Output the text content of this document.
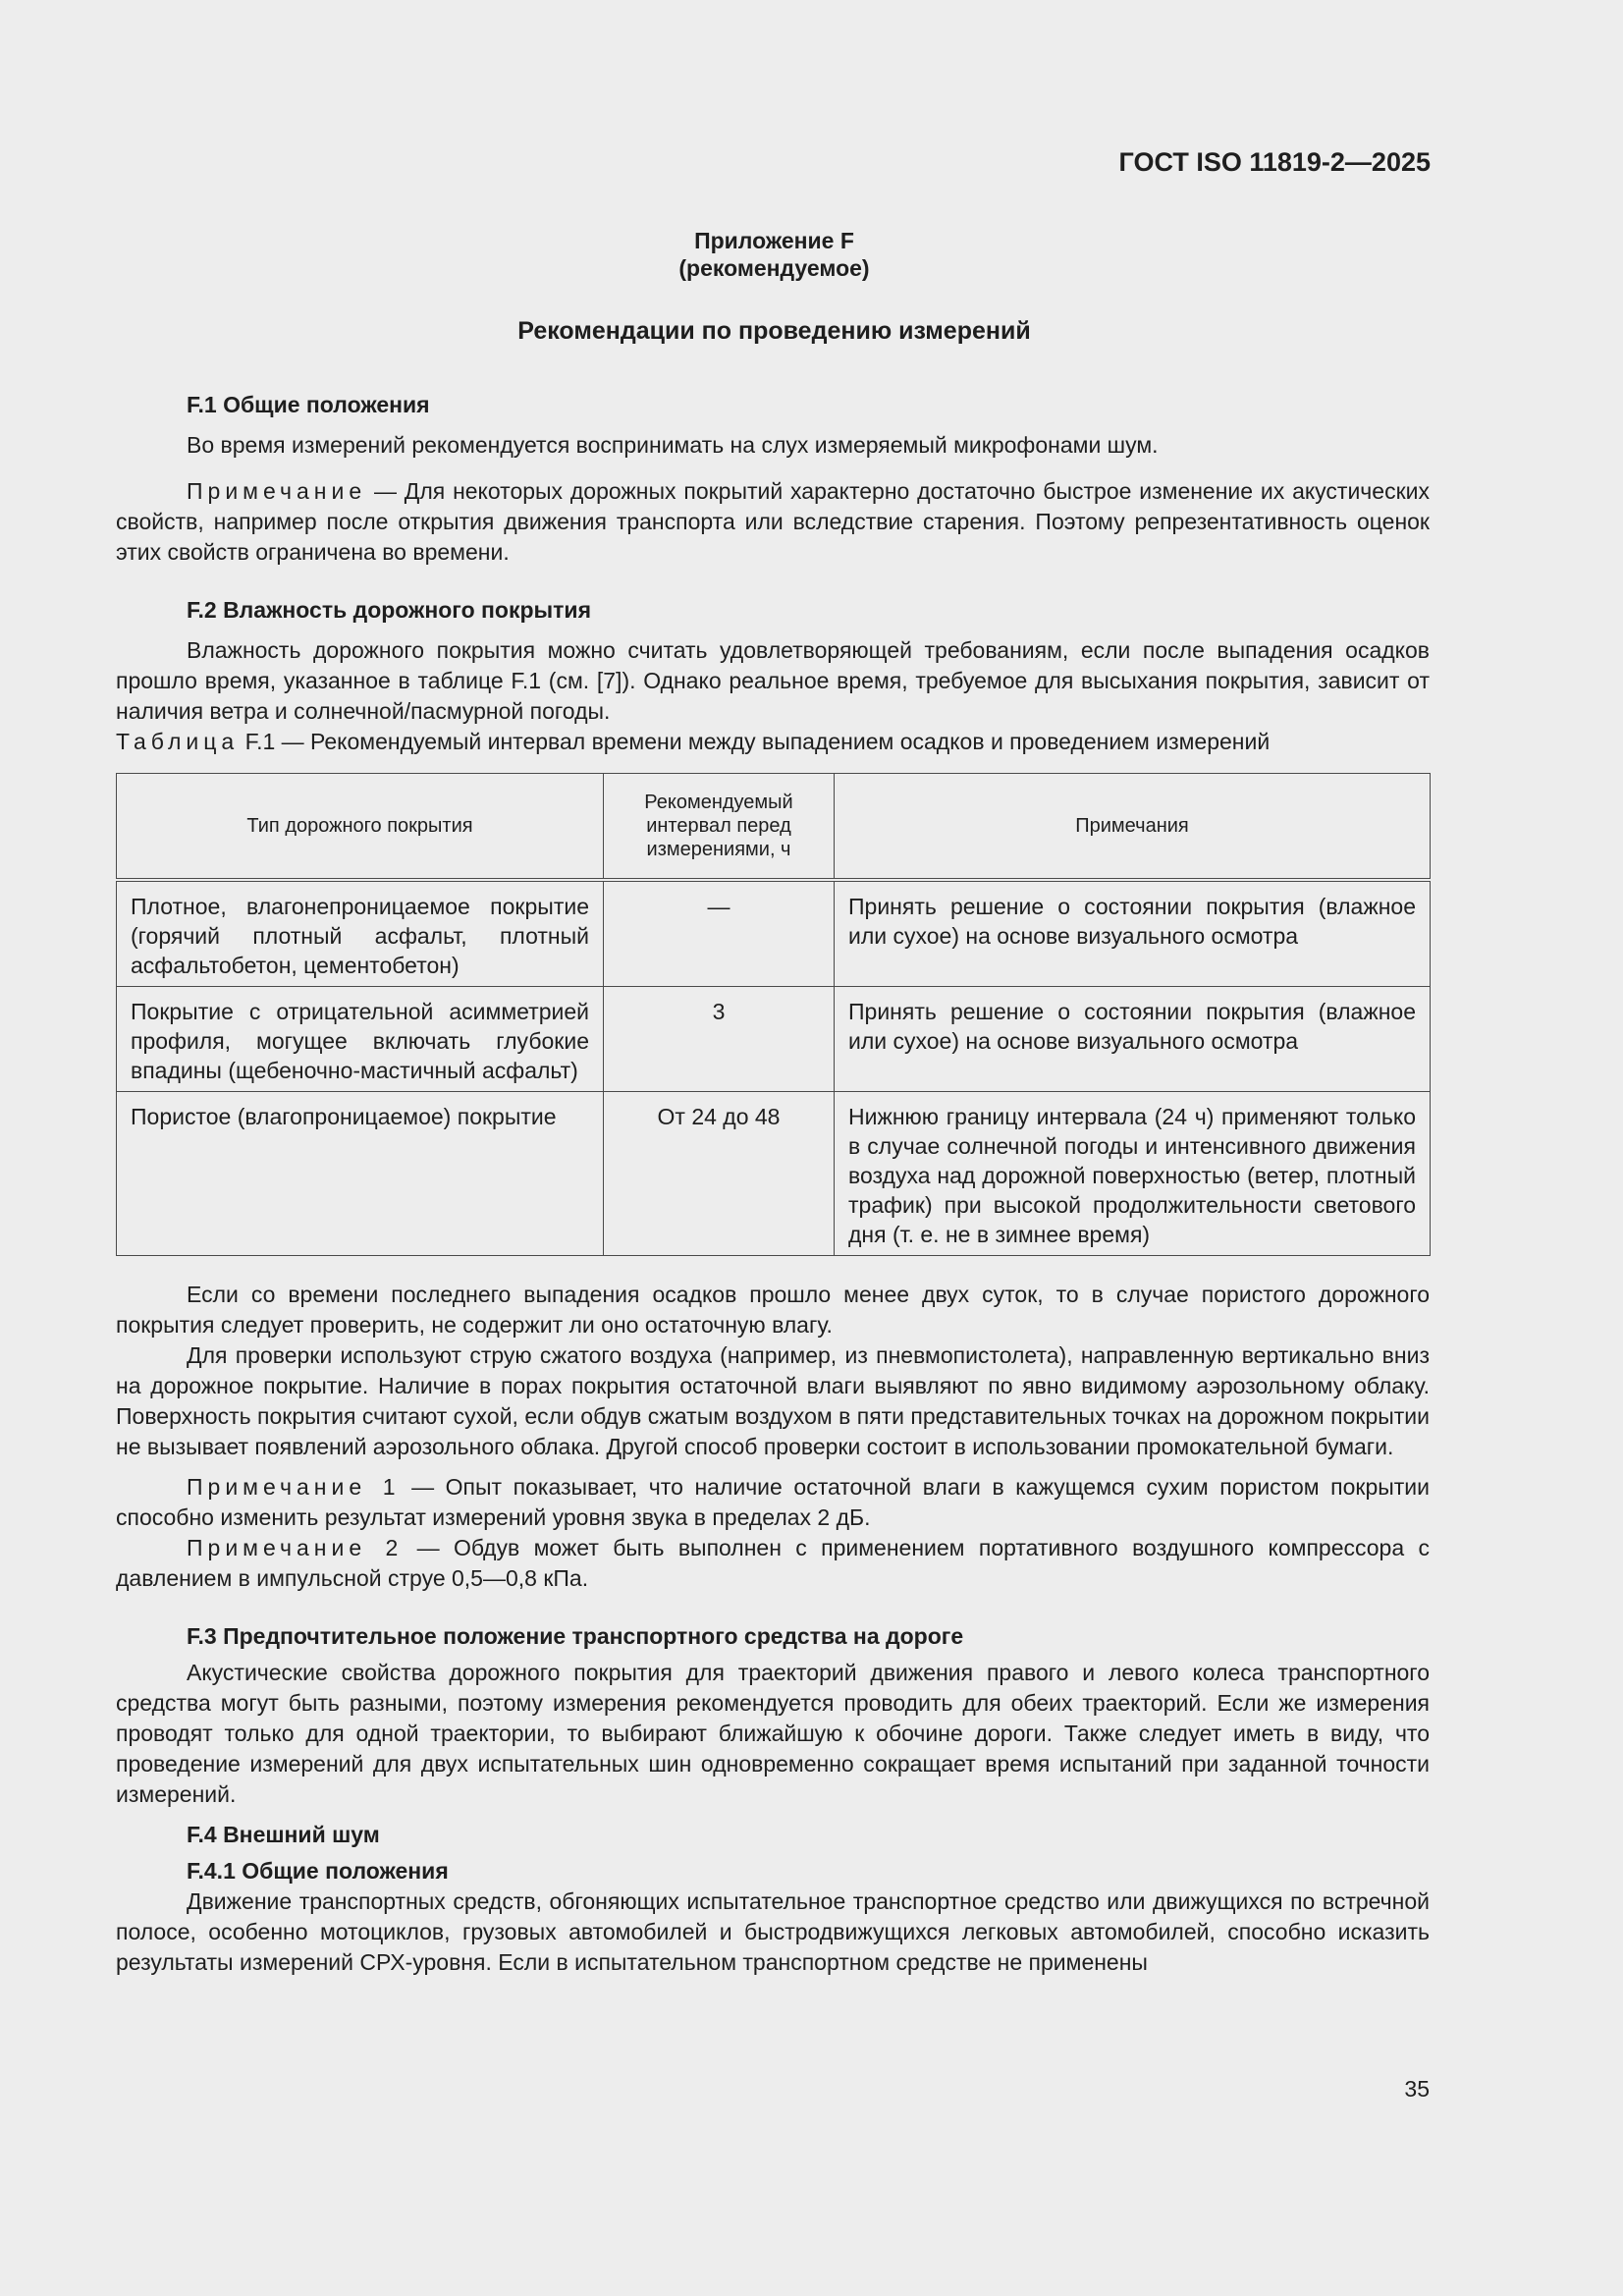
ГОСТ ISO 11819-2—2025
Приложение F
(рекомендуемое)
Рекомендации по проведению измерений

F.1 Общие положения

Во время измерений рекомендуется воспринимать на слух измеряемый микрофонами шум.

Примечание — Для некоторых дорожных покрытий характерно достаточно быстрое изменение их акустических свойств, например после открытия движения транспорта или вследствие старения. Поэтому репрезентативность оценок этих свойств ограничена во времени.

F.2 Влажность дорожного покрытия

Влажность дорожного покрытия можно считать удовлетворяющей требованиям, если после выпадения осадков прошло время, указанное в таблице F.1 (см. [7]). Однако реальное время, требуемое для высыхания покрытия, зависит от наличия ветра и солнечной/пасмурной погоды.

Таблица F.1 — Рекомендуемый интервал времени между выпадением осадков и проведением измерений

Тип дорожного покрытия	Рекомендуемый интервал перед измерениями, ч	Примечания
Плотное, влагонепроницаемое покрытие (горячий плотный асфальт, плотный асфальтобетон, цементобетон)	—	Принять решение о состоянии покрытия (влажное или сухое) на основе визуального осмотра
Покрытие с отрицательной асимметрией профиля, могущее включать глубокие впадины (щебеночно-мастичный асфальт)	3	Принять решение о состоянии покрытия (влажное или сухое) на основе визуального осмотра
Пористое (влагопроницаемое) покрытие	От 24 до 48	Нижнюю границу интервала (24 ч) применяют только в случае солнечной погоды и интенсивного движения воздуха над дорожной поверхностью (ветер, плотный трафик) при высокой продолжительности светового дня (т. е. не в зимнее время)

Если со времени последнего выпадения осадков прошло менее двух суток, то в случае пористого дорожного покрытия следует проверить, не содержит ли оно остаточную влагу.

Для проверки используют струю сжатого воздуха (например, из пневмопистолета), направленную вертикально вниз на дорожное покрытие. Наличие в порах покрытия остаточной влаги выявляют по явно видимому аэрозольному облаку. Поверхность покрытия считают сухой, если обдув сжатым воздухом в пяти представительных точках на дорожном покрытии не вызывает появлений аэрозольного облака. Другой способ проверки состоит в использовании промокательной бумаги.

Примечание 1 — Опыт показывает, что наличие остаточной влаги в кажущемся сухим пористом покрытии способно изменить результат измерений уровня звука в пределах 2 дБ.

Примечание 2 — Обдув может быть выполнен с применением портативного воздушного компрессора с давлением в импульсной струе 0,5—0,8 кПа.

F.3 Предпочтительное положение транспортного средства на дороге

Акустические свойства дорожного покрытия для траекторий движения правого и левого колеса транспортного средства могут быть разными, поэтому измерения рекомендуется проводить для обеих траекторий. Если же измерения проводят только для одной траектории, то выбирают ближайшую к обочине дороги. Также следует иметь в виду, что проведение измерений для двух испытательных шин одновременно сокращает время испытаний при заданной точности измерений.

F.4 Внешний шум

F.4.1 Общие положения

Движение транспортных средств, обгоняющих испытательное транспортное средство или движущихся по встречной полосе, особенно мотоциклов, грузовых автомобилей и быстродвижущихся легковых автомобилей, способно исказить результаты измерений СРХ-уровня. Если в испытательном транспортном средстве не применены

35
